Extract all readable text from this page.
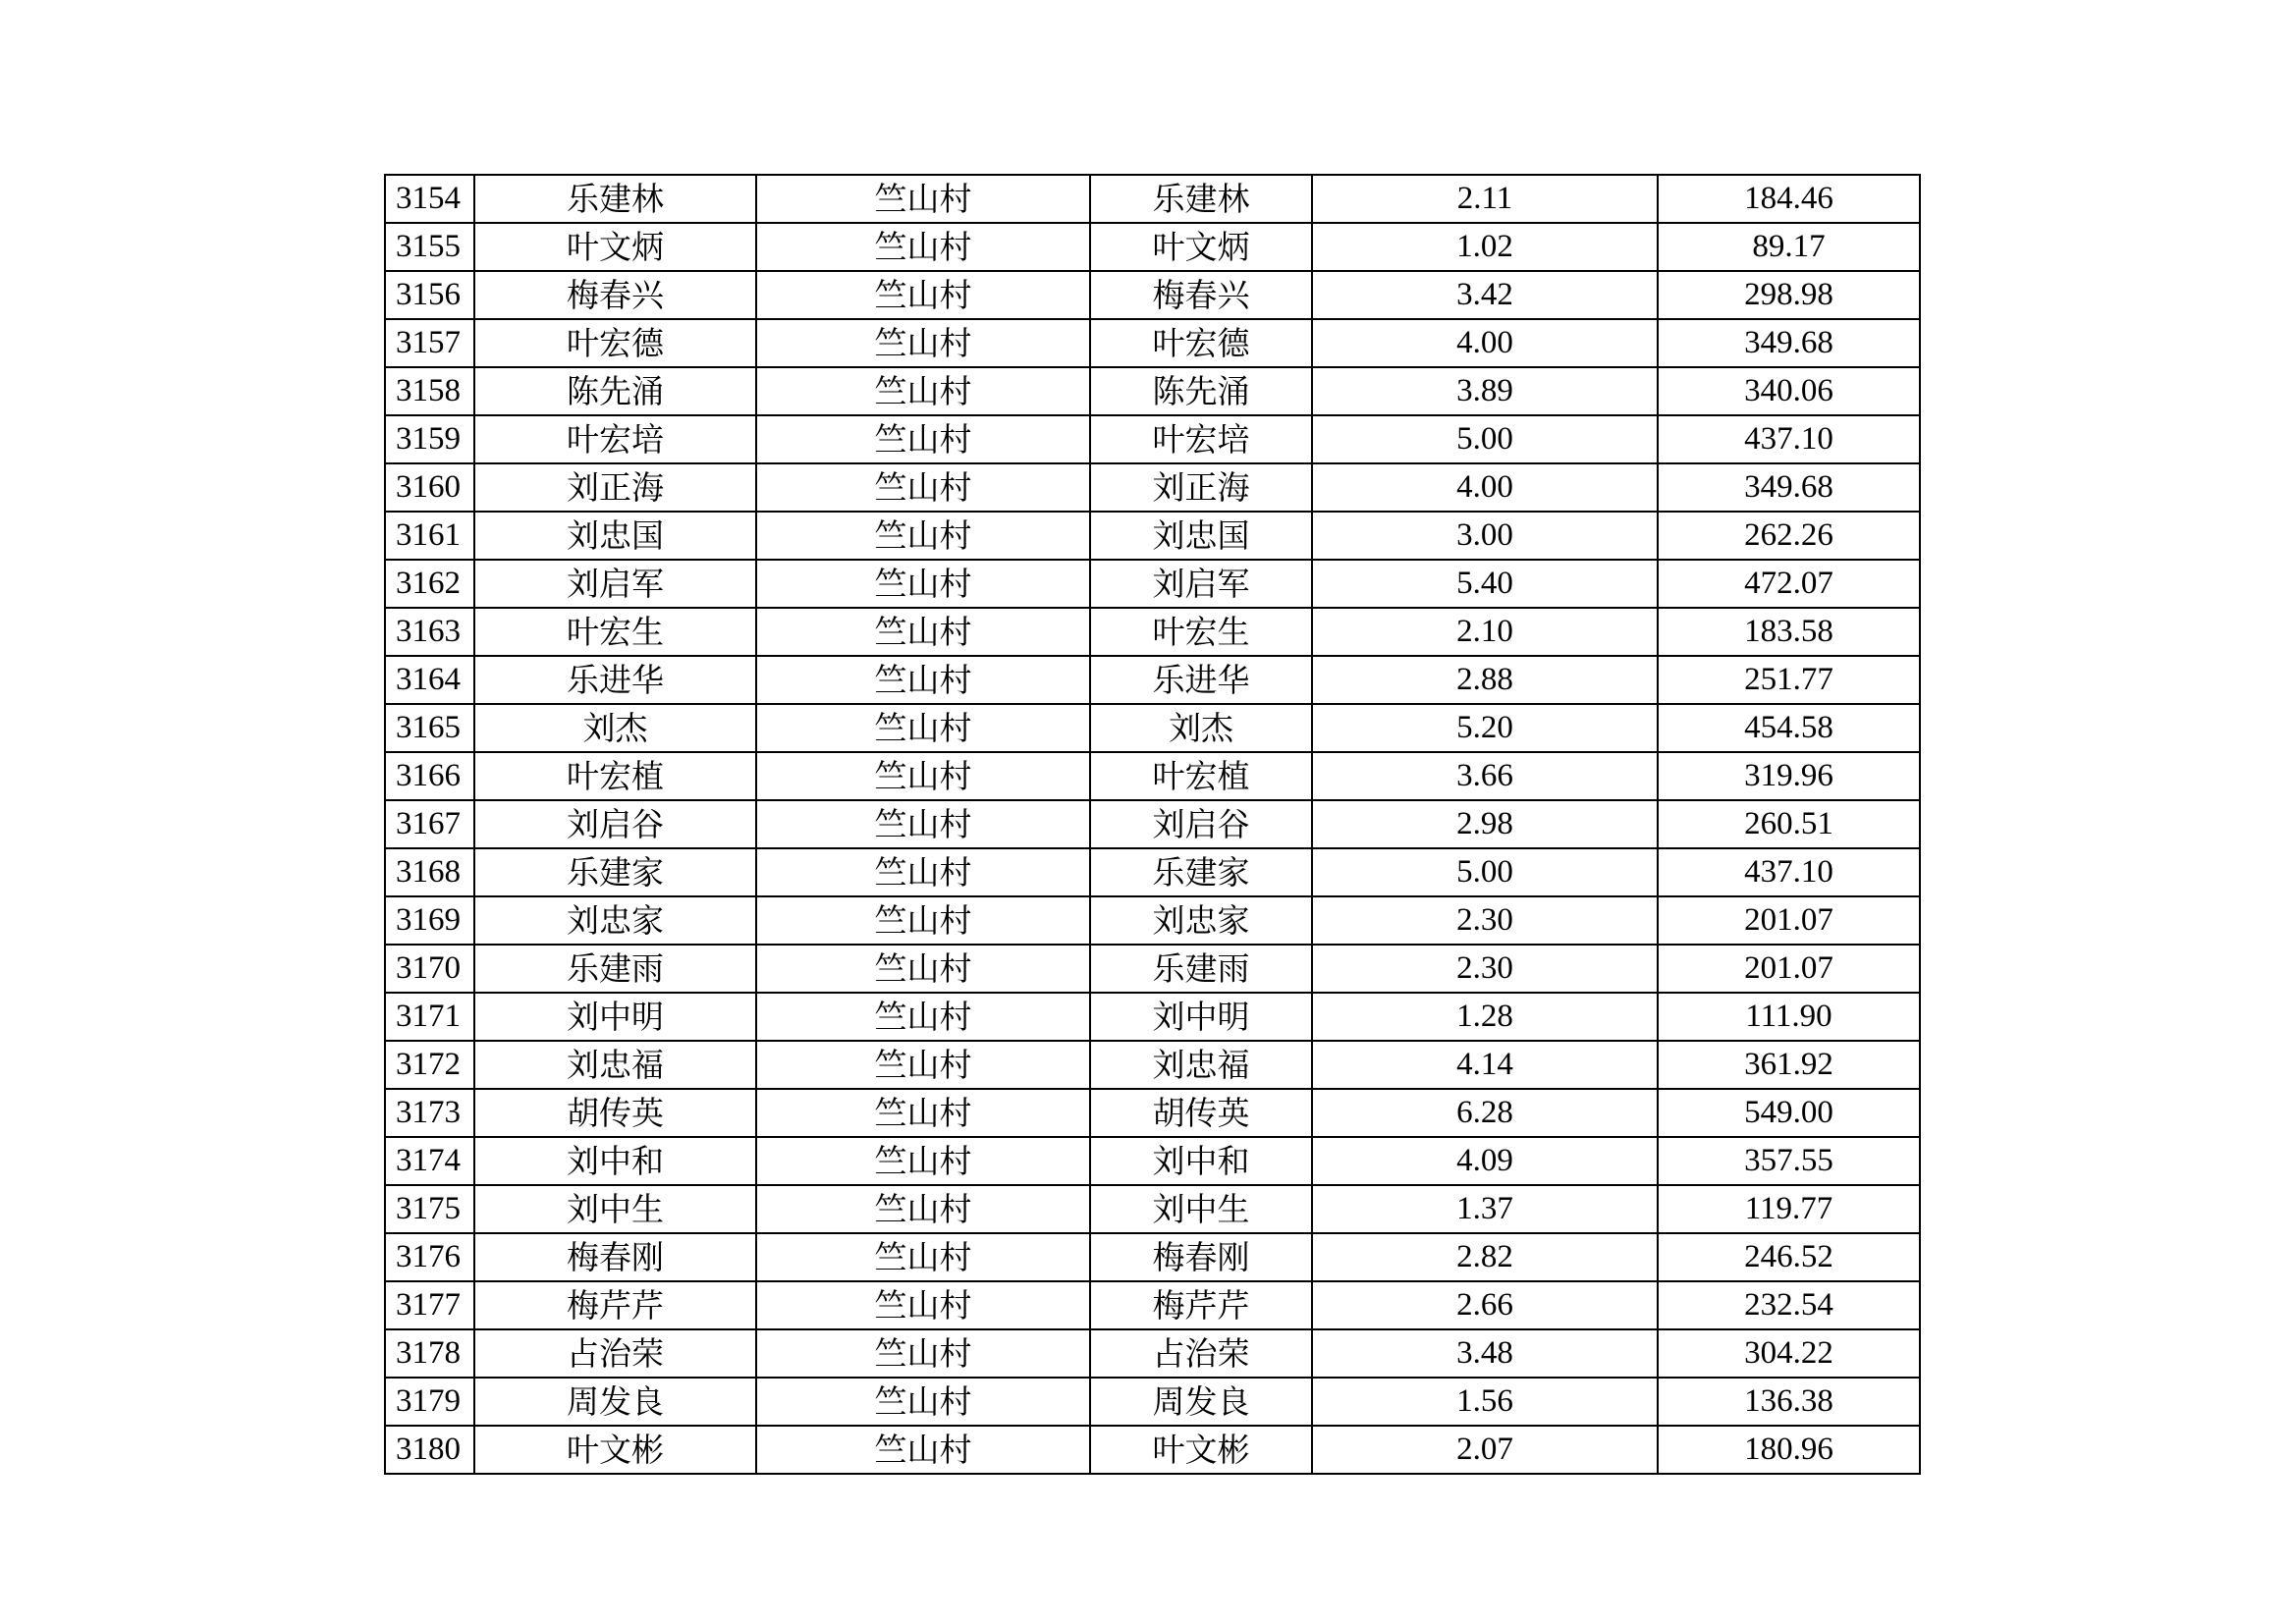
3154	乐建林	竺山村	乐建林	2.11	184.46
3155	叶文炳	竺山村	叶文炳	1.02	89.17
3156	梅春兴	竺山村	梅春兴	3.42	298.98
3157	叶宏德	竺山村	叶宏德	4.00	349.68
3158	陈先涌	竺山村	陈先涌	3.89	340.06
3159	叶宏培	竺山村	叶宏培	5.00	437.10
3160	刘正海	竺山村	刘正海	4.00	349.68
3161	刘忠国	竺山村	刘忠国	3.00	262.26
3162	刘启军	竺山村	刘启军	5.40	472.07
3163	叶宏生	竺山村	叶宏生	2.10	183.58
3164	乐进华	竺山村	乐进华	2.88	251.77
3165	刘杰	竺山村	刘杰	5.20	454.58
3166	叶宏植	竺山村	叶宏植	3.66	319.96
3167	刘启谷	竺山村	刘启谷	2.98	260.51
3168	乐建家	竺山村	乐建家	5.00	437.10
3169	刘忠家	竺山村	刘忠家	2.30	201.07
3170	乐建雨	竺山村	乐建雨	2.30	201.07
3171	刘中明	竺山村	刘中明	1.28	111.90
3172	刘忠福	竺山村	刘忠福	4.14	361.92
3173	胡传英	竺山村	胡传英	6.28	549.00
3174	刘中和	竺山村	刘中和	4.09	357.55
3175	刘中生	竺山村	刘中生	1.37	119.77
3176	梅春刚	竺山村	梅春刚	2.82	246.52
3177	梅芹芹	竺山村	梅芹芹	2.66	232.54
3178	占治荣	竺山村	占治荣	3.48	304.22
3179	周发良	竺山村	周发良	1.56	136.38
3180	叶文彬	竺山村	叶文彬	2.07	180.96
